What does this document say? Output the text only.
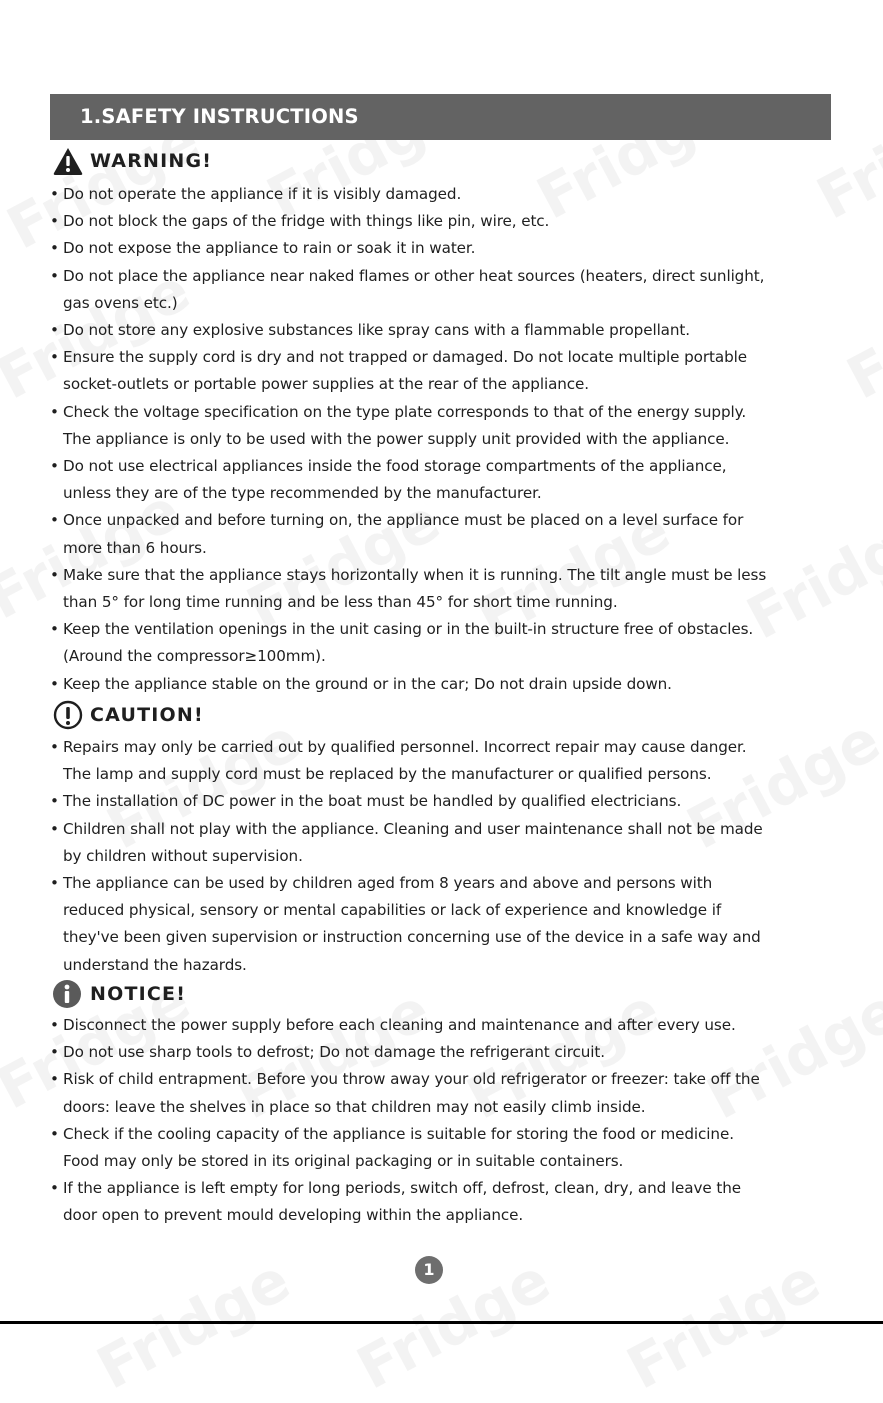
1.SAFETY INSTRUCTIONS
WARNING!
• Do not operate the appliance if it is visibly damaged.
• Do not block the gaps of the fridge with things like pin, wire, etc.
• Do not expose the appliance to rain or soak it in water.
• Do not place the appliance near naked flames or other heat sources (heaters, direct sunlight,
gas ovens etc.)
• Do not store any explosive substances like spray cans with a flammable propellant.
• Ensure the supply cord is dry and not trapped or damaged. Do not locate multiple portable
socket-outlets or portable power supplies at the rear of the appliance.
• Check the voltage specification on the type plate corresponds to that of the energy supply.
The appliance is only to be used with the power supply unit provided with the appliance.
• Do not use electrical appliances inside the food storage compartments of the appliance,
unless they are of the type recommended by the manufacturer.
• Once unpacked and before turning on, the appliance must be placed on a level surface for
more than 6 hours.
• Make sure that the appliance stays horizontally when it is running. The tilt angle must be less
than 5° for long time running and be less than 45° for short time running.
• Keep the ventilation openings in the unit casing or in the built-in structure free of obstacles.
(Around the compressor≥100mm).
• Keep the appliance stable on the ground or in the car; Do not drain upside down.
CAUTION!
• Repairs may only be carried out by qualified personnel. Incorrect repair may cause danger.
The lamp and supply cord must be replaced by the manufacturer or qualified persons.
• The installation of DC power in the boat must be handled by qualified electricians.
• Children shall not play with the appliance. Cleaning and user maintenance shall not be made
by children without supervision.
• The appliance can be used by children aged from 8 years and above and persons with
reduced physical, sensory or mental capabilities or lack of experience and knowledge if
they've been given supervision or instruction concerning use of the device in a safe way and
understand the hazards.
NOTICE!
• Disconnect the power supply before each cleaning and maintenance and after every use.
• Do not use sharp tools to defrost; Do not damage the refrigerant circuit.
• Risk of child entrapment. Before you throw away your old refrigerator or freezer: take off the
doors: leave the shelves in place so that children may not easily climb inside.
• Check if the cooling capacity of the appliance is suitable for storing the food or medicine.
Food may only be stored in its original packaging or in suitable containers.
• If the appliance is left empty for long periods, switch off, defrost, clean, dry, and leave the
door open to prevent mould developing within the appliance.
1
